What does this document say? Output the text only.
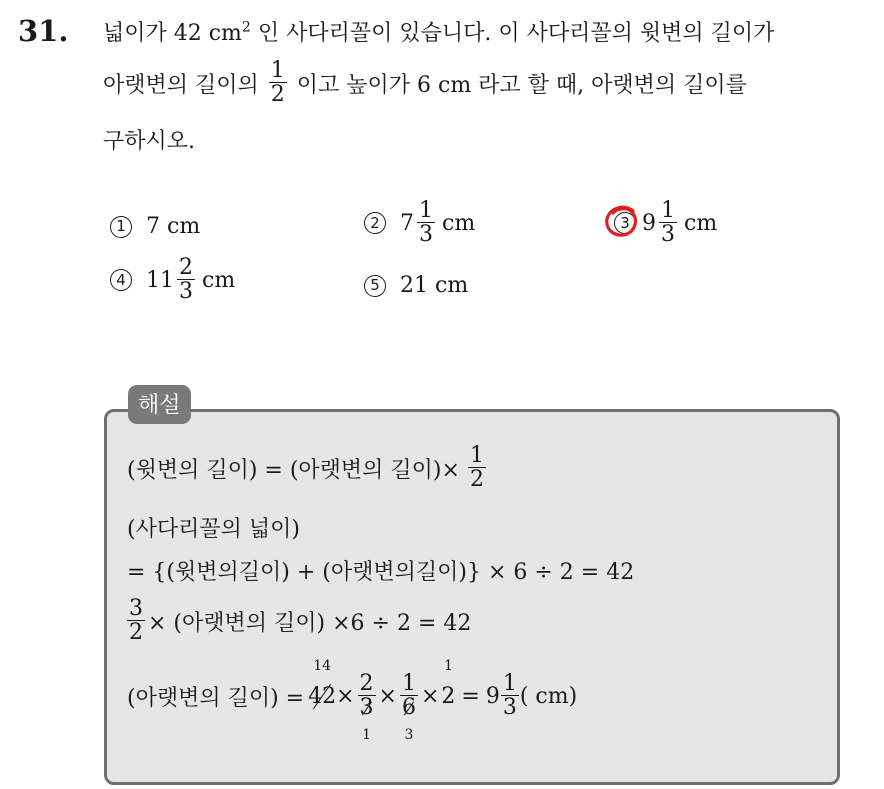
31. 넓이가 42 $cm^2$ 인 사다리꼴이 있습니다. 이 사다리꼴의 윗변의 길이가
아랫변의 길이의 $\frac{1}{2}$ 이고 높이가 6 cm 라고 할 때, 아랫변의 길이를
구하시오.
1 7
cm	2 $7 \frac{1}{3}$ cm	3 $9 \frac{1}{3}$ cm
4 $11 \frac{2}{3}$ cm	5 21
cm
해설
(윗변의 길이) = (아랫변의 길이)× $\frac{1}{2}$
(사다리꼴의 넓이)
= {(윗변의길이) + (아랫변의길이)} × 6 ÷ 2 = 42
$\frac{3}{2}$ × (아랫변의 길이) ×6 ÷ 2 = 42
(아랫변의 길이) =
14
$42 \times \frac{2}{3}$
1
× $\frac{1}{6}$
3
×
1
$2 = 9 \frac{1}{3}$ ( cm)
